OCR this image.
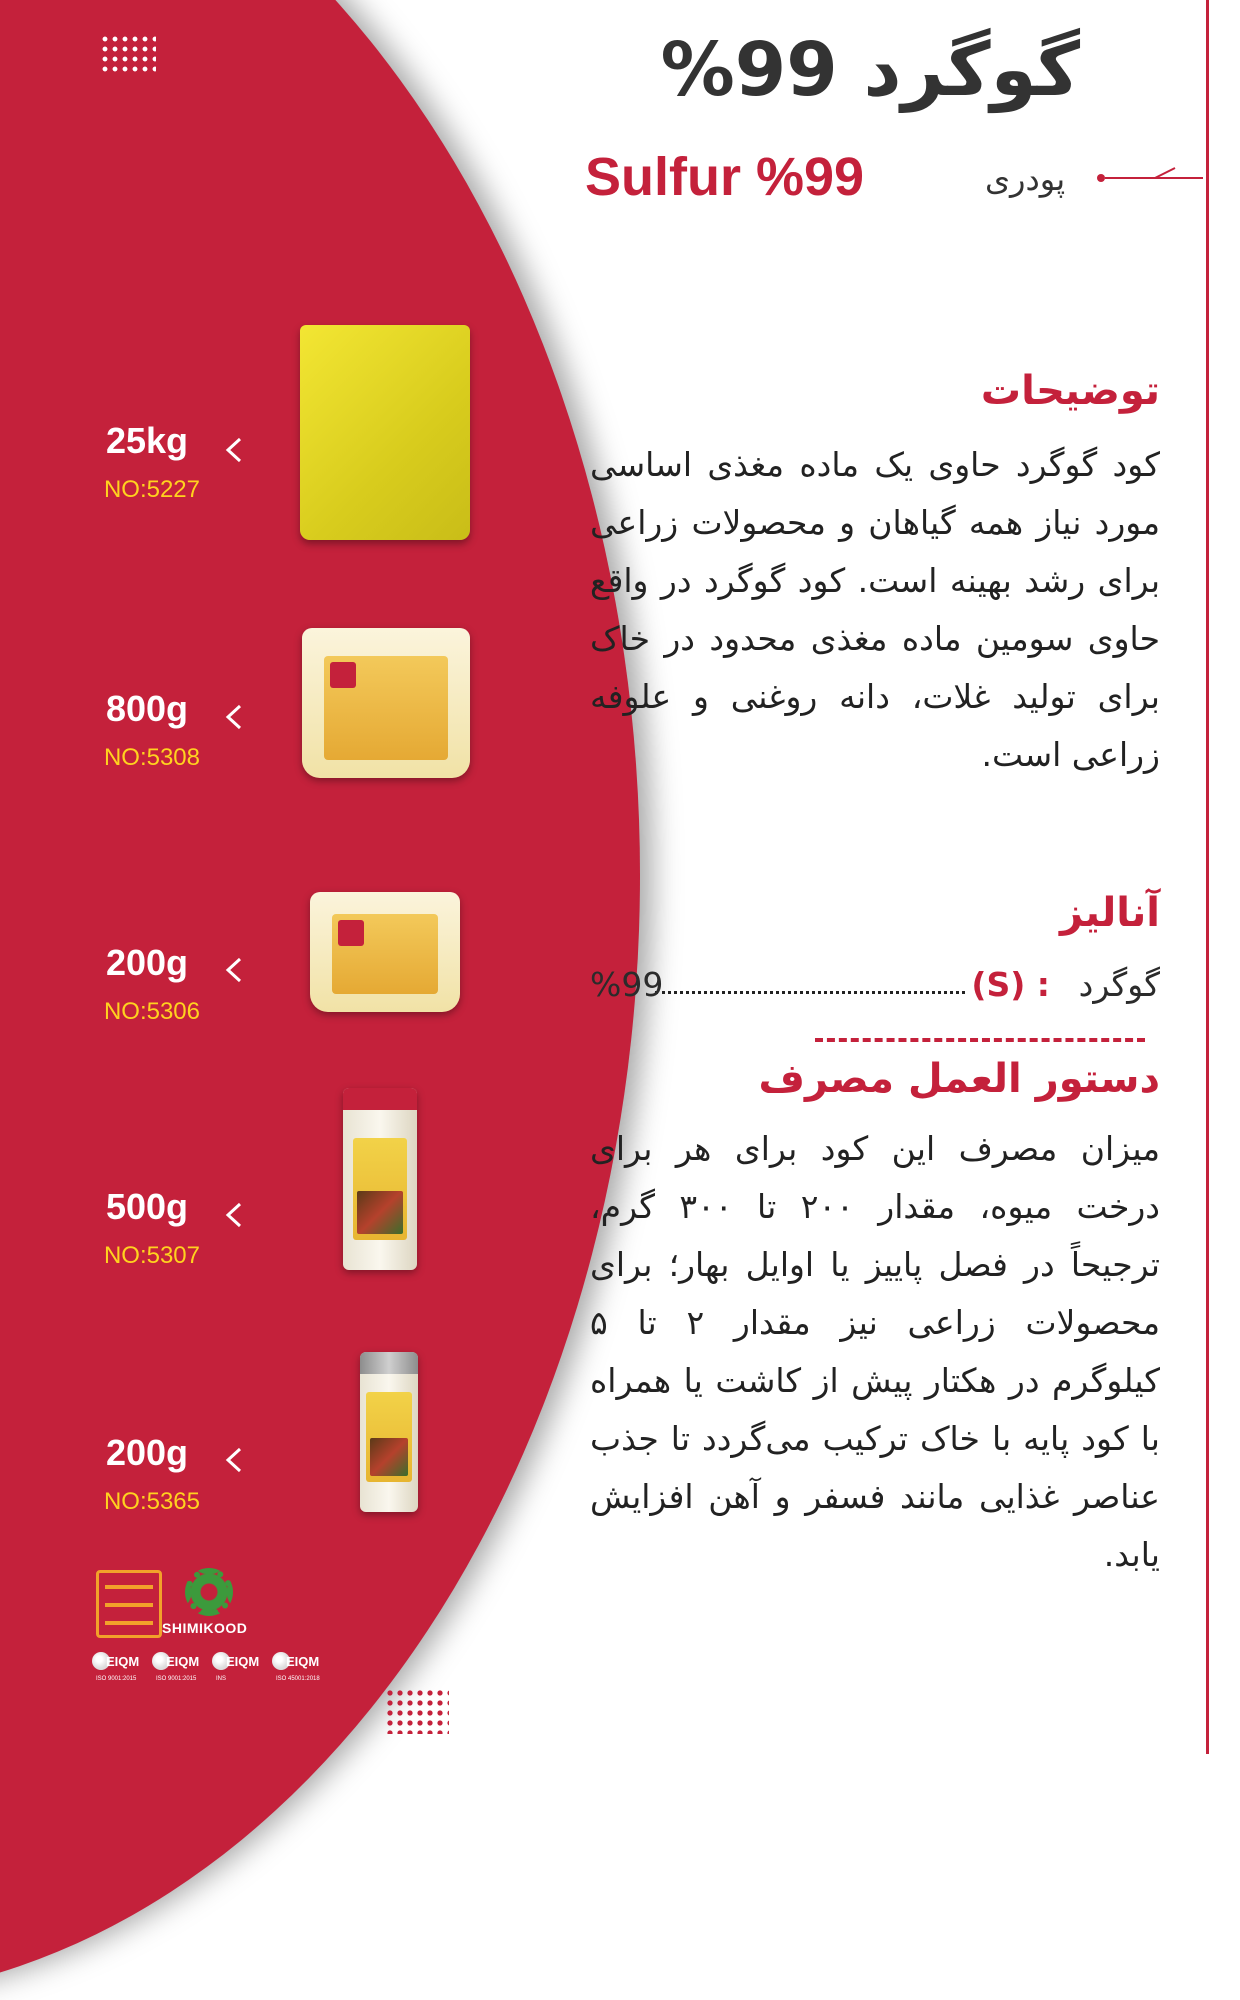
گوگرد 99%
Sulfur %99	پودری
25kg
NO:5227
800g
NO:5308
200g
NO:5306
500g
NO:5307
200g
NO:5365
توضیحات
کود گوگرد حاوی یک ماده مغذی اساسی مورد نیاز همه گیاهان و محصولات زراعی برای رشد بهینه است. کود گوگرد در واقع حاوی سومین ماده مغذی محدود در خاک برای تولید غلات، دانه روغنی و علوفه زراعی است.
آنالیز
گوگرد
(S) :
%99
دستور العمل مصرف
میزان مصرف این کود برای هر برای درخت میوه، مقدار ۲۰۰ تا ۳۰۰ گرم، ترجیحاً در فصل پاییز یا اوایل بهار؛ برای محصولات زراعی نیز مقدار ۲ تا ۵ کیلوگرم در هکتار پیش از کاشت یا همراه با کود پایه با خاک ترکیب می‌گردد تا جذب عناصر غذایی مانند فسفر و آهن افزایش یابد.
SHIMIKOOD
EIQM
ISO 9001:2015
EIQM
ISO 9001:2015
EIQM
INS
EIQM
ISO 45001:2018
